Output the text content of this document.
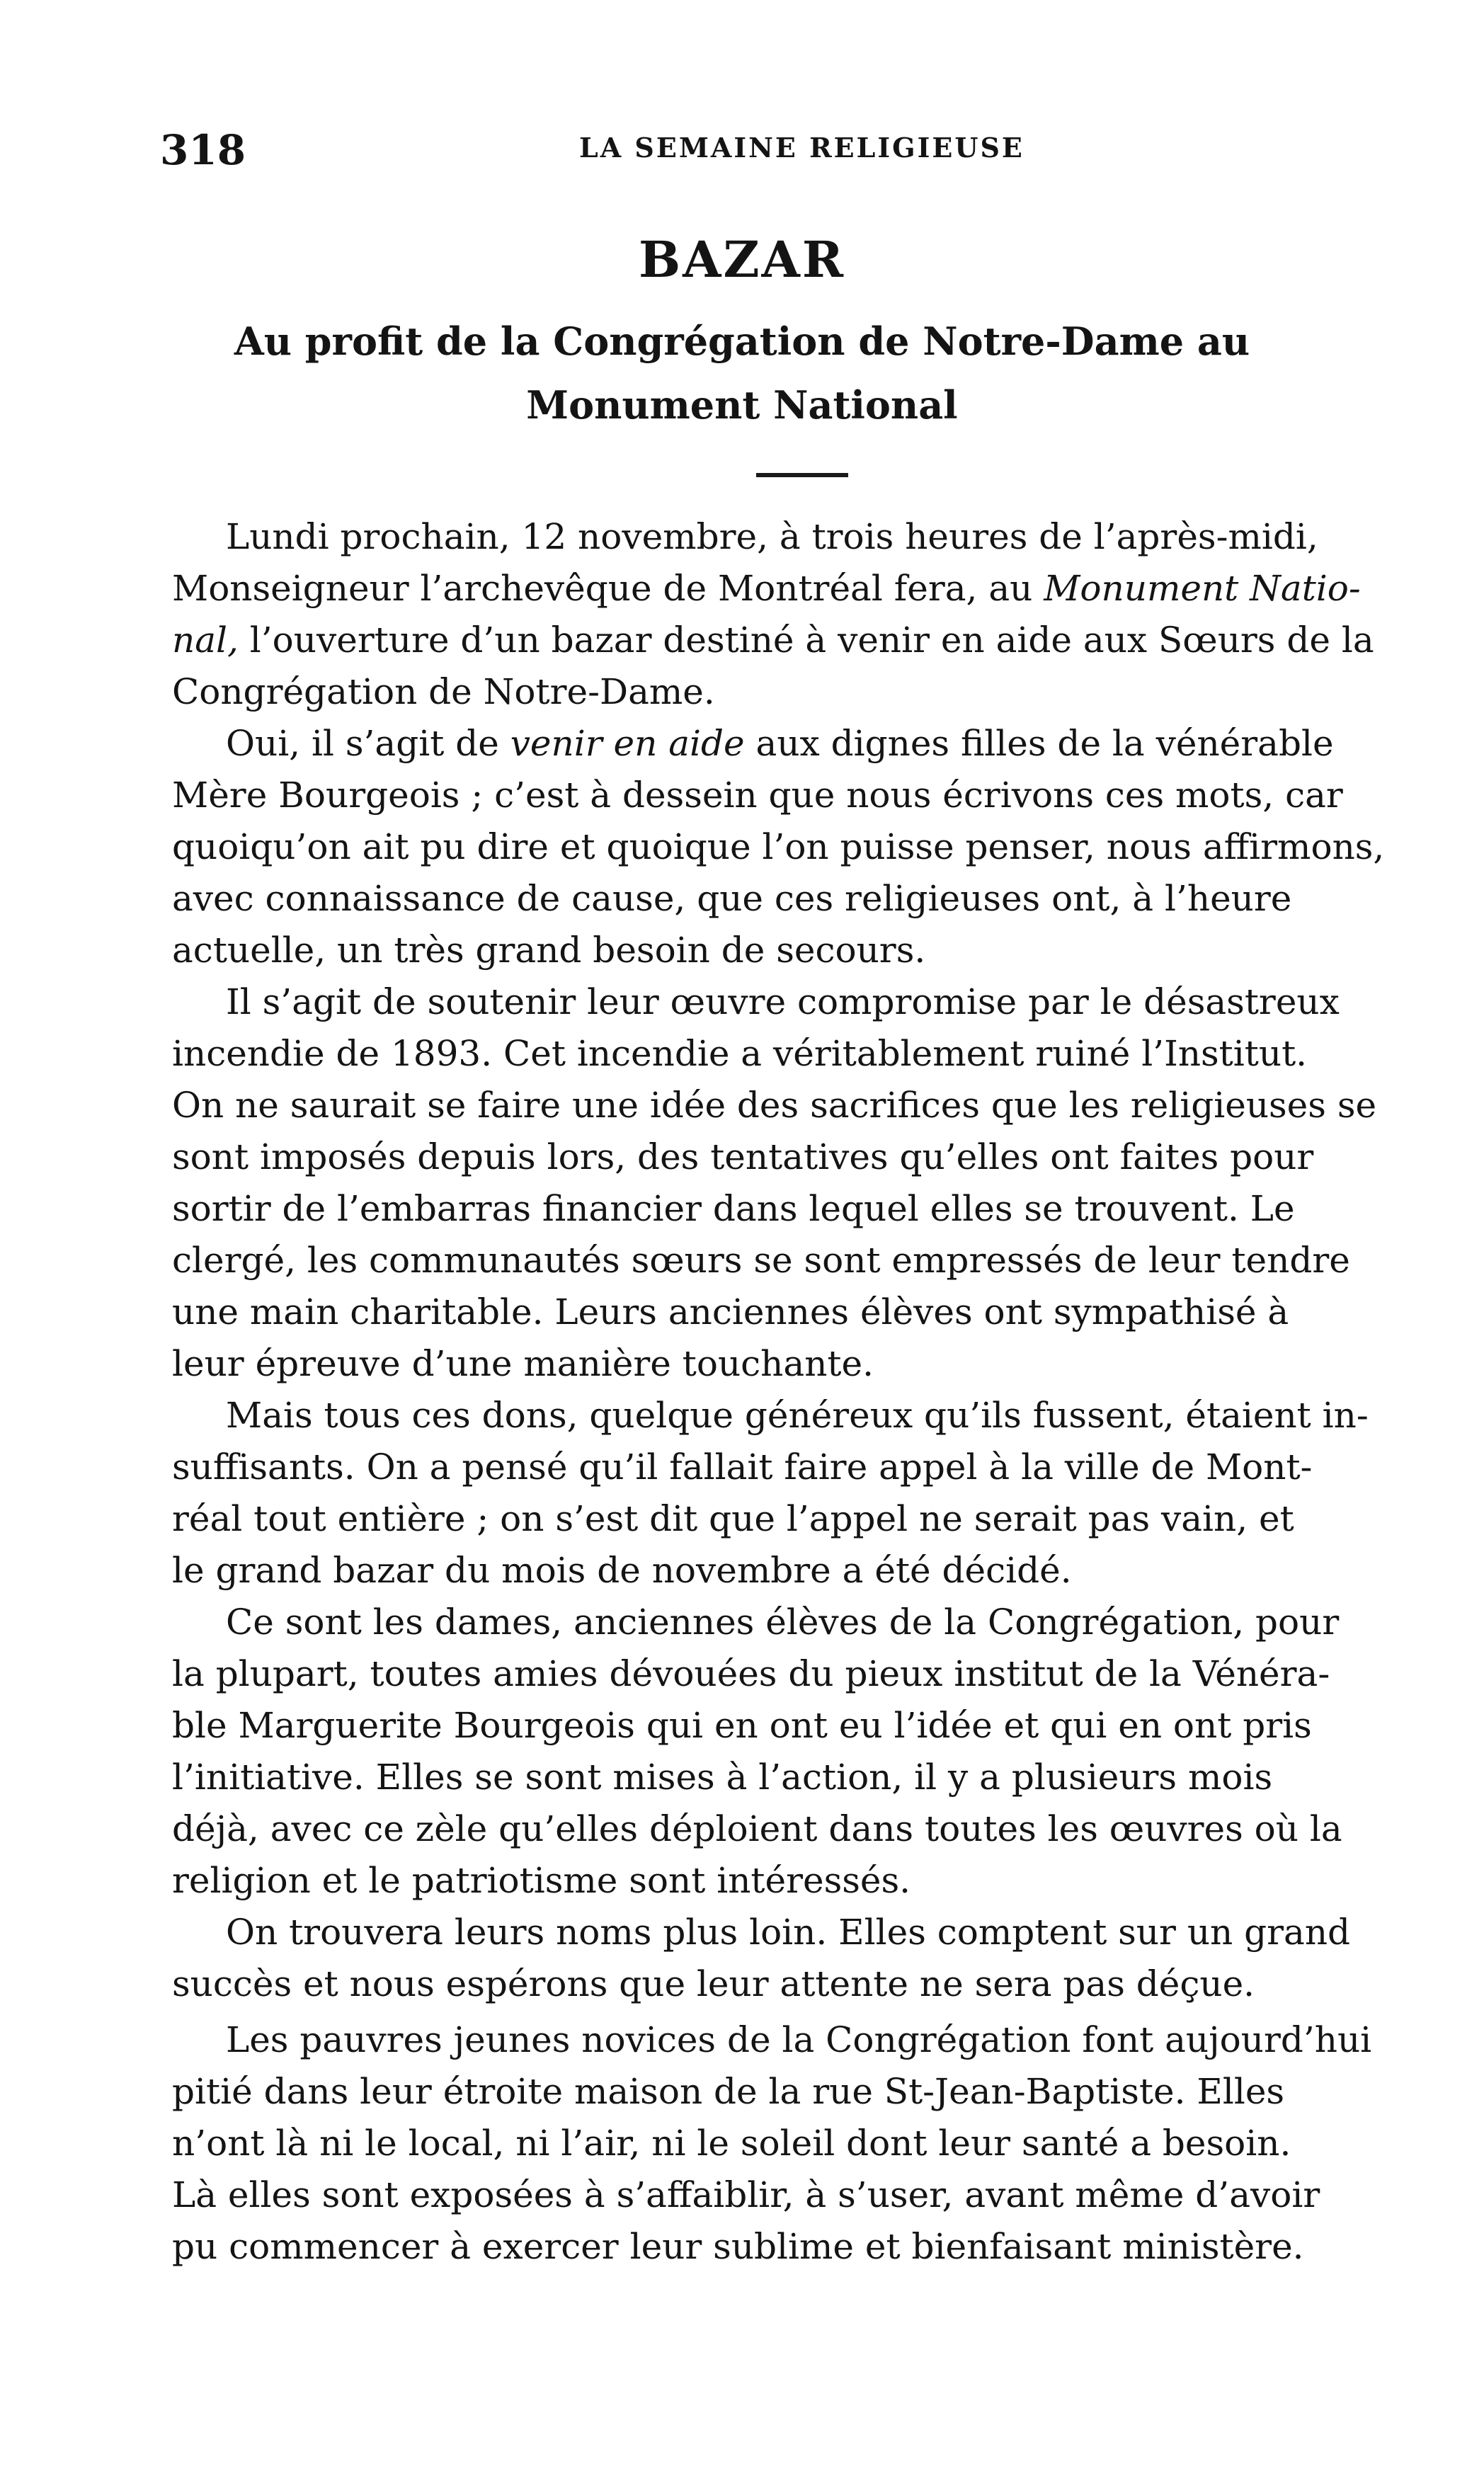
318	LA SEMAINE RELIGIEUSE
BAZAR
Au profit de la Congrégation de Notre-Dame au
Monument National
Lundi prochain, 12 novembre, à trois heures de l’après-midi,
Monseigneur l’archevêque de Montréal fera, au Monument Natio-
nal, l’ouverture d’un bazar destiné à venir en aide aux Sœurs de la
Congrégation de Notre-Dame.
Oui, il s’agit de venir en aide aux dignes filles de la vénérable
Mère Bourgeois ; c’est à dessein que nous écrivons ces mots, car
quoiqu’on ait pu dire et quoique l’on puisse penser, nous affirmons,
avec connaissance de cause, que ces religieuses ont, à l’heure
actuelle, un très grand besoin de secours.
Il s’agit de soutenir leur œuvre compromise par le désastreux
incendie de 1893. Cet incendie a véritablement ruiné l’Institut.
On ne saurait se faire une idée des sacrifices que les religieuses se
sont imposés depuis lors, des tentatives qu’elles ont faites pour
sortir de l’embarras financier dans lequel elles se trouvent. Le
clergé, les communautés sœurs se sont empressés de leur tendre
une main charitable. Leurs anciennes élèves ont sympathisé à
leur épreuve d’une manière touchante.
Mais tous ces dons, quelque généreux qu’ils fussent, étaient in-
suffisants. On a pensé qu’il fallait faire appel à la ville de Mont-
réal tout entière ; on s’est dit que l’appel ne serait pas vain, et
le grand bazar du mois de novembre a été décidé.
Ce sont les dames, anciennes élèves de la Congrégation, pour
la plupart, toutes amies dévouées du pieux institut de la Vénéra-
ble Marguerite Bourgeois qui en ont eu l’idée et qui en ont pris
l’initiative. Elles se sont mises à l’action, il y a plusieurs mois
déjà, avec ce zèle qu’elles déploient dans toutes les œuvres où la
religion et le patriotisme sont intéressés.
On trouvera leurs noms plus loin. Elles comptent sur un grand
succès et nous espérons que leur attente ne sera pas déçue.
Les pauvres jeunes novices de la Congrégation font aujourd’hui
pitié dans leur étroite maison de la rue St-Jean-Baptiste. Elles
n’ont là ni le local, ni l’air, ni le soleil dont leur santé a besoin.
Là elles sont exposées à s’affaiblir, à s’user, avant même d’avoir
pu commencer à exercer leur sublime et bienfaisant ministère.
